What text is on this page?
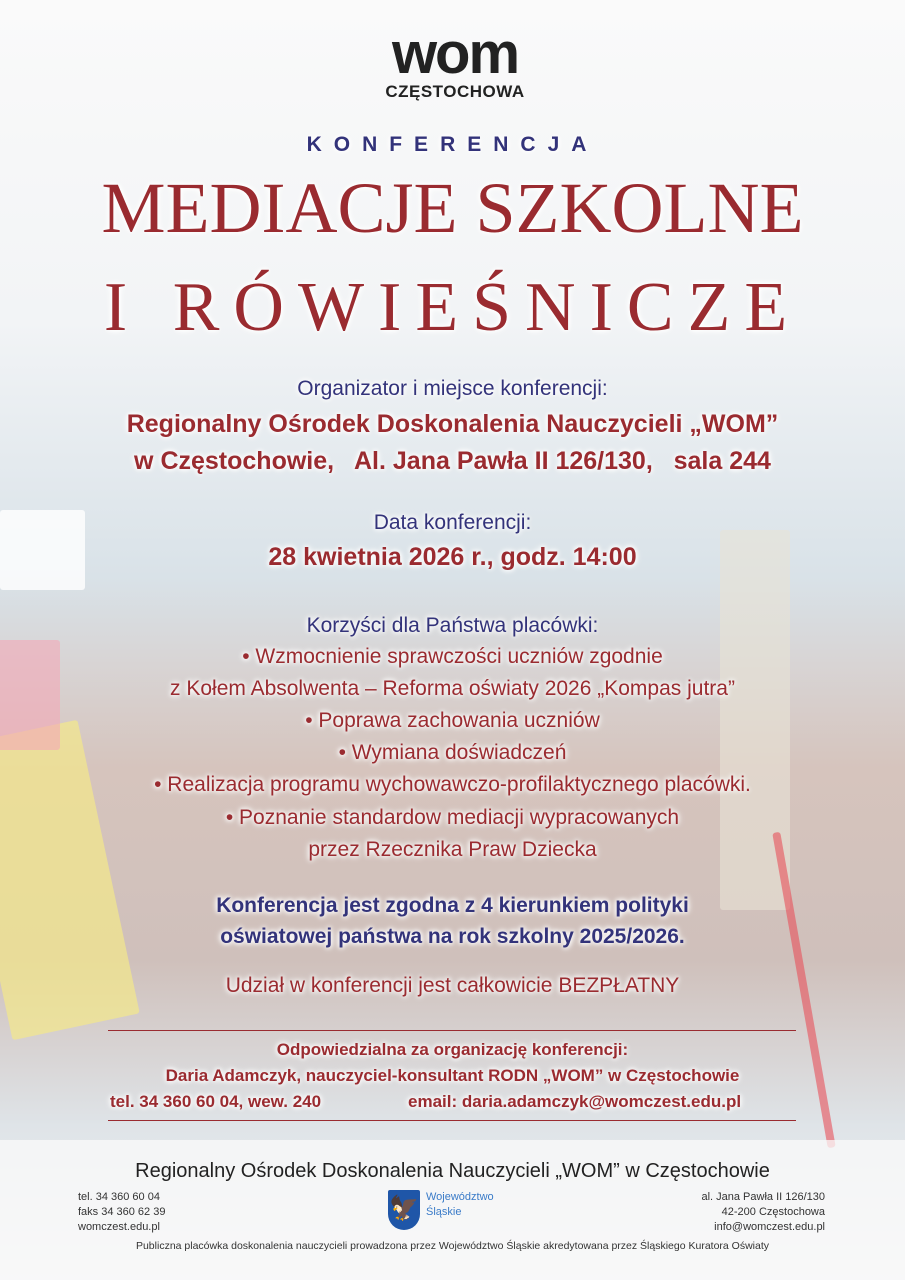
wom
CZĘSTOCHOWA
KONFERENCJA
MEDIACJE SZKOLNE
I RÓWIEŚNICZE
Organizator i miejsce konferencji:
Regionalny Ośrodek Doskonalenia Nauczycieli „WOM”
w Częstochowie,   Al. Jana Pawła II 126/130,   sala 244
Data konferencji:
28 kwietnia 2026 r., godz. 14:00
Korzyści dla Państwa placówki:
• Wzmocnienie sprawczości uczniów zgodnie
z Kołem Absolwenta – Reforma oświaty 2026 „Kompas jutra”
• Poprawa zachowania uczniów
• Wymiana doświadczeń
• Realizacja programu wychowawczo-profilaktycznego placówki.
• Poznanie standardow mediacji wypracowanych
przez Rzecznika Praw Dziecka
Konferencja jest zgodna z 4 kierunkiem polityki
oświatowej państwa na rok szkolny 2025/2026.
Udział w konferencji jest całkowicie BEZPŁATNY
Odpowiedzialna za organizację konferencji:
Daria Adamczyk, nauczyciel-konsultant RODN „WOM” w Częstochowie
tel. 34 360 60 04, wew. 240	email: daria.adamczyk@womczest.edu.pl
Regionalny Ośrodek Doskonalenia Nauczycieli „WOM” w Częstochowie
tel. 34 360 60 04
faks 34 360 62 39
womczest.edu.pl
🦅 Województwo
Śląskie
al. Jana Pawła II 126/130
42-200 Częstochowa
info@womczest.edu.pl
Publiczna placówka doskonalenia nauczycieli prowadzona przez Województwo Śląskie akredytowana przez Śląskiego Kuratora Oświaty
